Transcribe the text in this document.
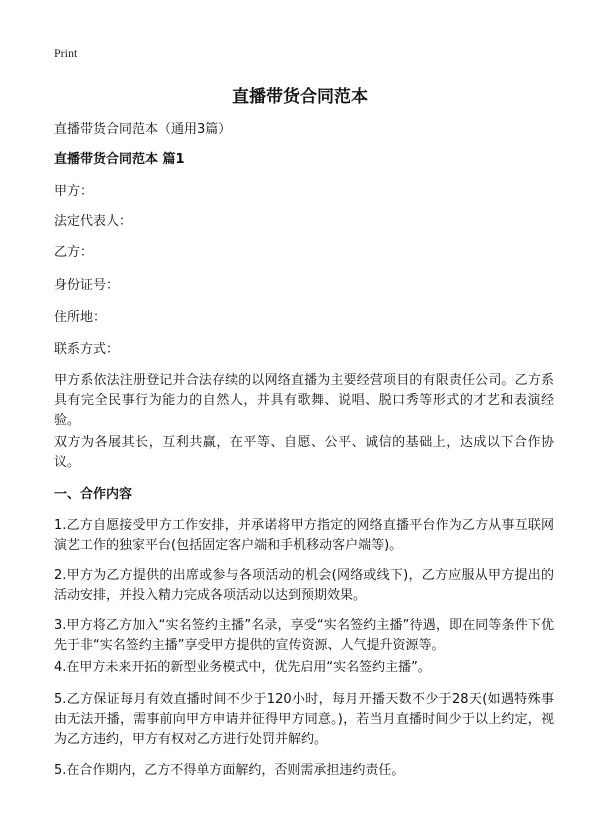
Print
直播带货合同范本
直播带货合同范本（通用3篇）
直播带货合同范本 篇1
甲方：
法定代表人：
乙方：
身份证号：
住所地：
联系方式：
甲方系依法注册登记并合法存续的以网络直播为主要经营项目的有限责任公司。乙方系具有完全民事行为能力的自然人，并具有歌舞、说唱、脱口秀等形式的才艺和表演经验。
双方为各展其长，互利共赢，在平等、自愿、公平、诚信的基础上，达成以下合作协议。
一、合作内容
1.乙方自愿接受甲方工作安排，并承诺将甲方指定的网络直播平台作为乙方从事互联网演艺工作的独家平台(包括固定客户端和手机移动客户端等)。
2.甲方为乙方提供的出席或参与各项活动的机会(网络或线下)，乙方应服从甲方提出的活动安排，并投入精力完成各项活动以达到预期效果。
3.甲方将乙方加入“实名签约主播”名录，享受“实名签约主播”待遇，即在同等条件下优先于非“实名签约主播”享受甲方提供的宣传资源、人气提升资源等。
4.在甲方未来开拓的新型业务模式中，优先启用“实名签约主播”。
5.乙方保证每月有效直播时间不少于120小时，每月开播天数不少于28天(如遇特殊事由无法开播，需事前向甲方申请并征得甲方同意。)，若当月直播时间少于以上约定，视为乙方违约，甲方有权对乙方进行处罚并解约。
5.在合作期内，乙方不得单方面解约，否则需承担违约责任。
